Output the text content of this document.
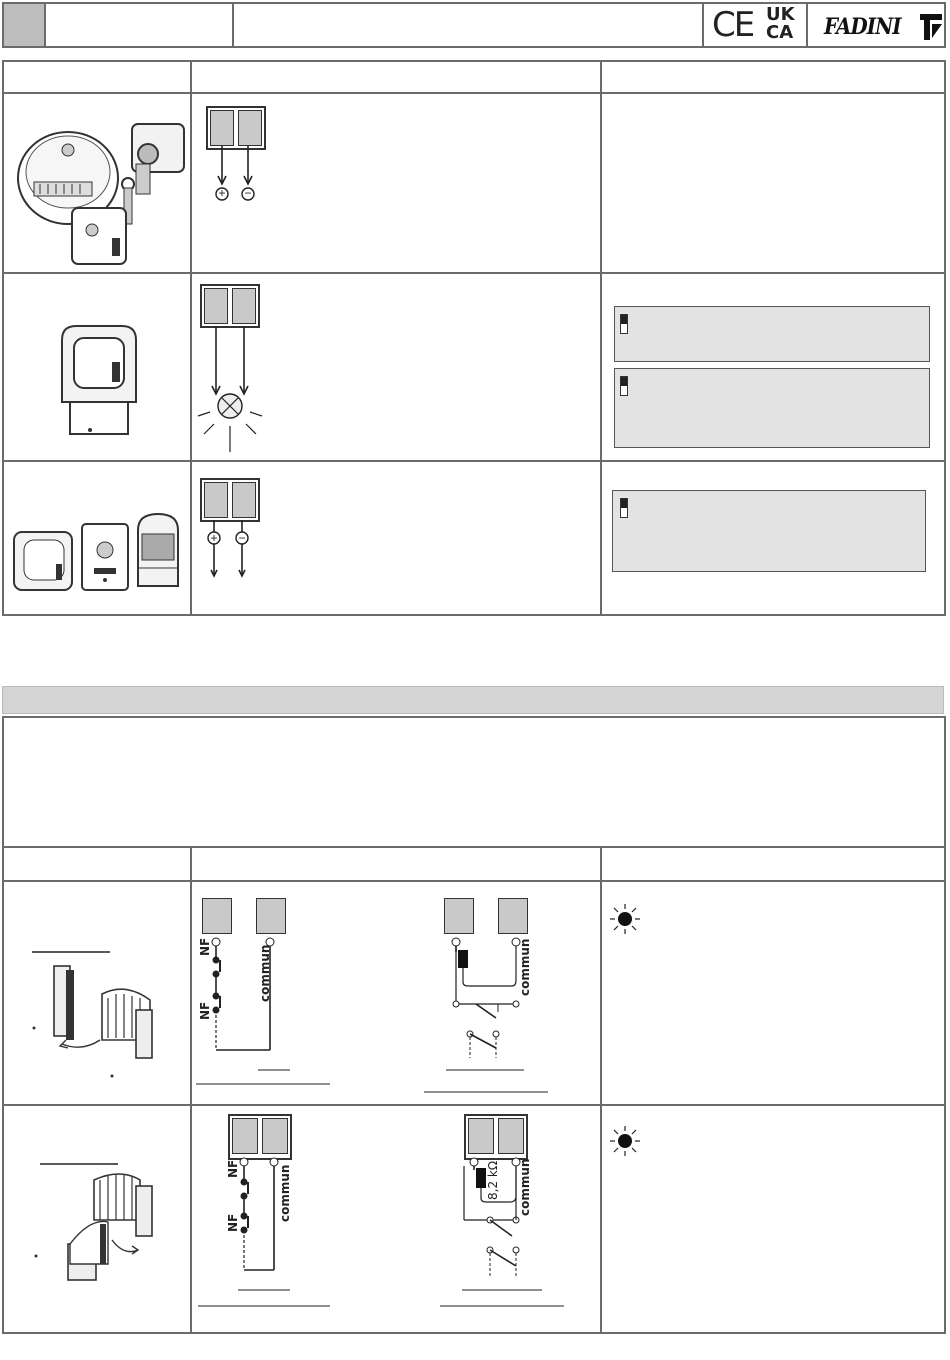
CE UK
CA FADINI
+ −
+ −
NF
NF
commun	commun
NF
NF
commun	8,2 kΩ commun
